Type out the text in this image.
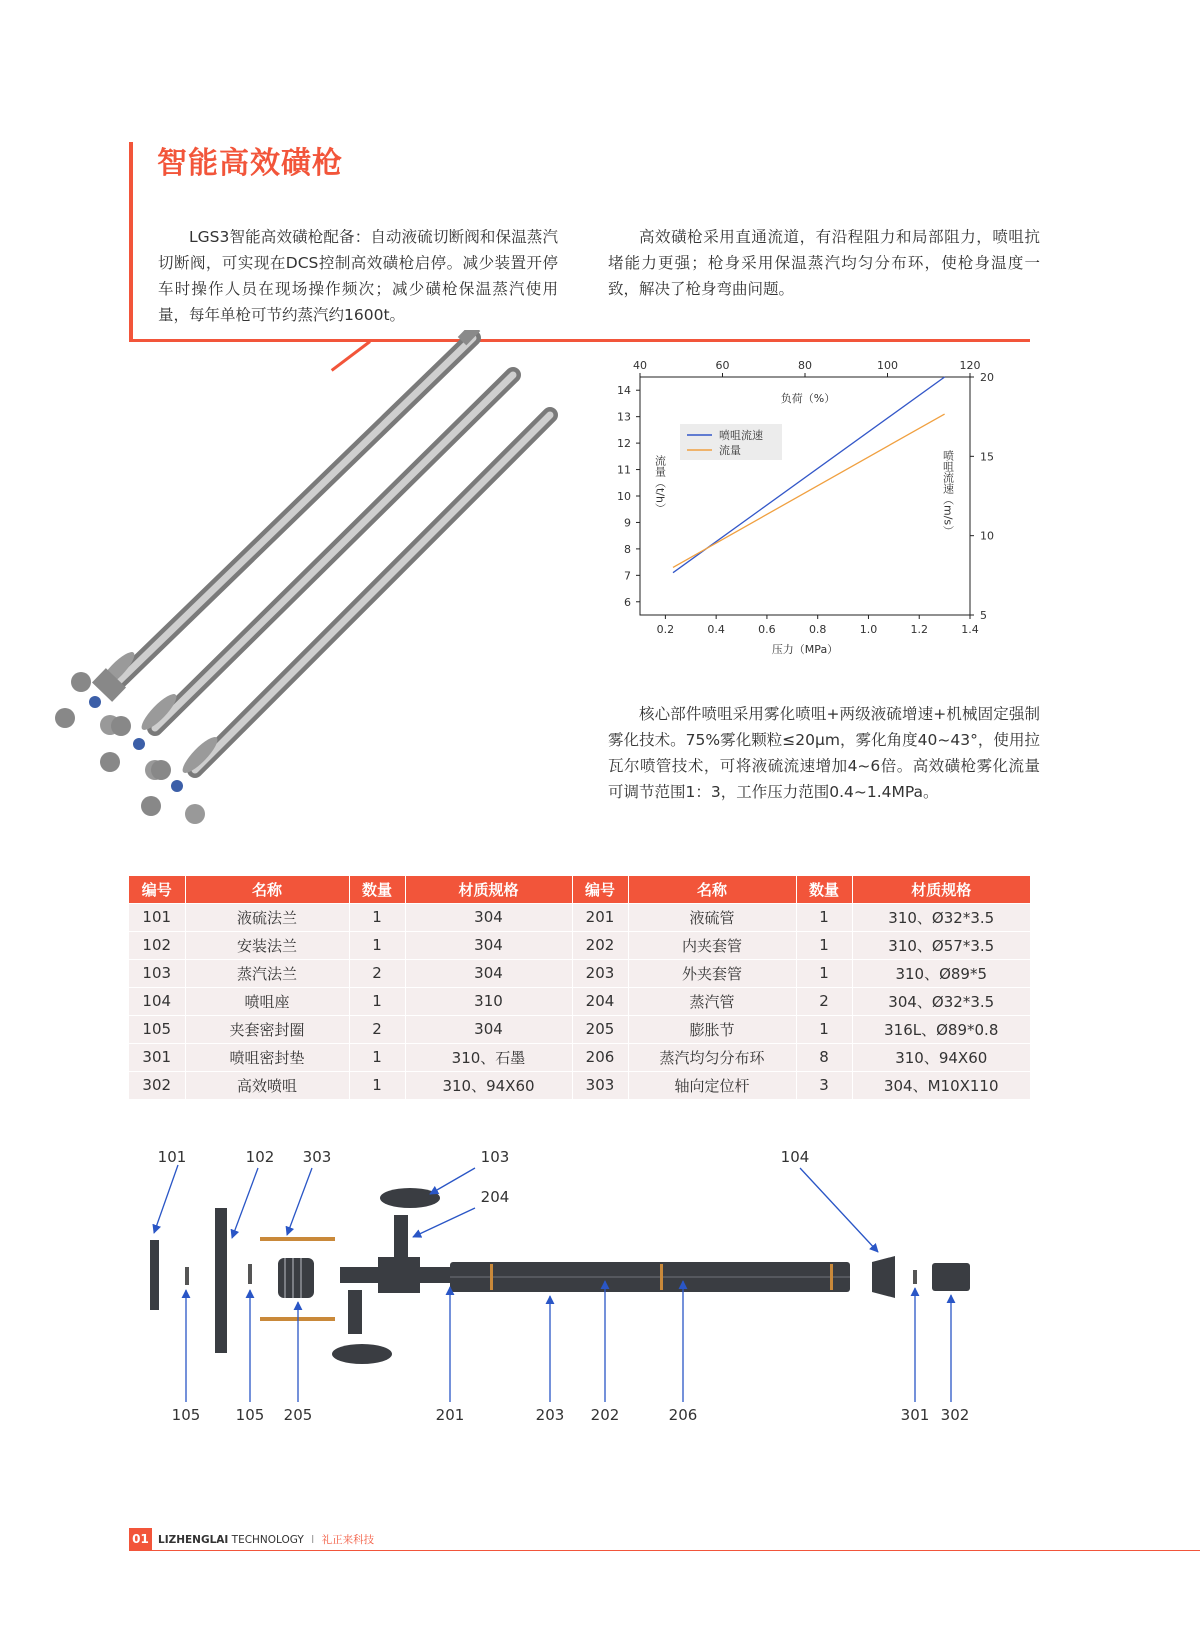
智能高效磺枪

LGS3智能高效磺枪配备：自动液硫切断阀和保温蒸汽切断阀，可实现在DCS控制高效磺枪启停。减少装置开停车时操作人员在现场操作频次；减少磺枪保温蒸汽使用量，每年单枪可节约蒸汽约1600t。

高效磺枪采用直通流道，有沿程阻力和局部阻力，喷咀抗堵能力更强；枪身采用保温蒸汽均匀分布环，使枪身温度一致，解决了枪身弯曲问题。

核心部件喷咀采用雾化喷咀+两级液硫增速+机械固定强制雾化技术。75%雾化颗粒≤20μm，雾化角度40~43°，使用拉瓦尔喷管技术，可将液硫流速增加4~6倍。高效磺枪雾化流量可调节范围1：3，工作压力范围0.4~1.4MPa。

0.2	0.4	0.6	0.8	1.0	1.2	1.4
40	60	80	100	120
6
7
8
9
10
11
12
13
14
5
10
15
20
压力（MPa）
负荷（%）
流量（t/h）	喷咀流速（m/s）
喷咀流速
流量
编号	名称	数量	材质规格	编号	名称	数量	材质规格
101	液硫法兰	1	304	201	液硫管	1	310、Ø32*3.5
102	安装法兰	1	304	202	内夹套管	1	310、Ø57*3.5
103	蒸汽法兰	2	304	203	外夹套管	1	310、Ø89*5
104	喷咀座	1	310	204	蒸汽管	2	304、Ø32*3.5
105	夹套密封圈	2	304	205	膨胀节	1	316L、Ø89*0.8
301	喷咀密封垫	1	310、石墨	206	蒸汽均匀分布环	8	310、94X60
302	高效喷咀	1	310、94X60	303	轴向定位杆	3	304、M10X110
101	102 303	103
204
104
105 105 205	201	203 202	206	301 302
01 LIZHENGLAI TECHNOLOGY I 礼正来科技
